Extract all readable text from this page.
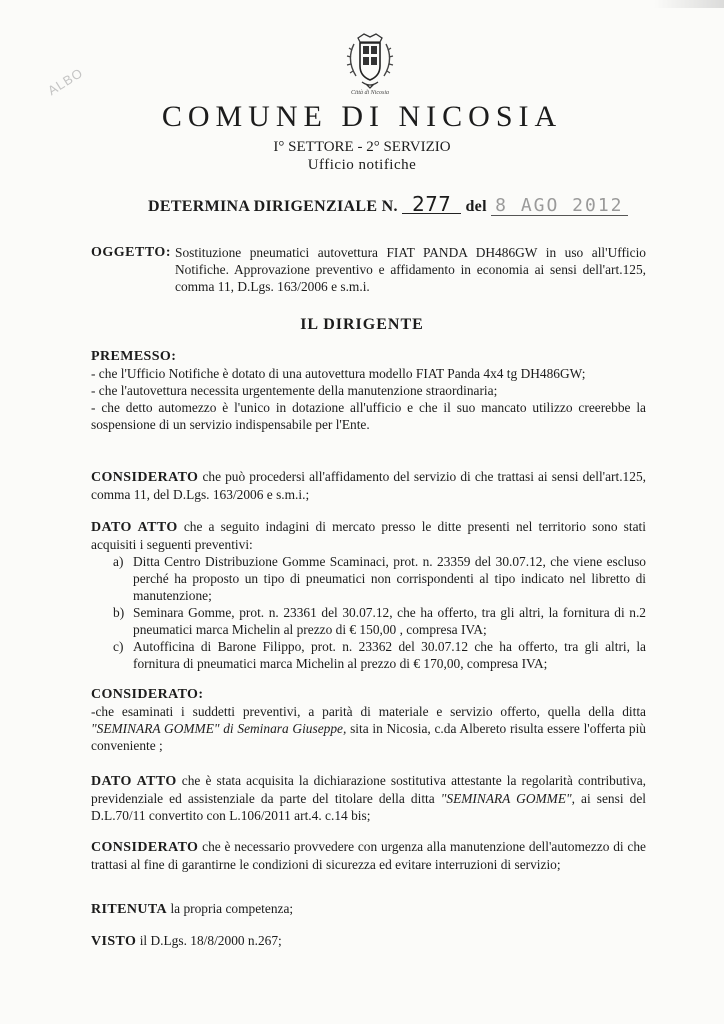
ALBO	Città di Nicosia
COMUNE DI NICOSIA
I° SETTORE - 2° SERVIZIO
Ufficio notifiche
DETERMINA DIRIGENZIALE N. 277 del 8 AGO 2012
OGGETTO: Sostituzione pneumatici autovettura FIAT PANDA DH486GW in uso all'Ufficio Notifiche. Approvazione preventivo e affidamento in economia ai sensi dell'art.125, comma 11, D.Lgs. 163/2006 e s.m.i.
IL DIRIGENTE
PREMESSO:
- che l'Ufficio Notifiche è dotato di una autovettura modello FIAT Panda 4x4 tg DH486GW;
- che l'autovettura necessita urgentemente della manutenzione straordinaria;
- che detto automezzo è l'unico in dotazione all'ufficio e che il suo mancato utilizzo creerebbe la sospensione di un servizio indispensabile per l'Ente.
CONSIDERATO che può procedersi all'affidamento del servizio di che trattasi ai sensi dell'art.125, comma 11, del D.Lgs. 163/2006 e s.m.i.;
DATO ATTO che a seguito indagini di mercato presso le ditte presenti nel territorio sono stati acquisiti i seguenti preventivi:
a) Ditta Centro Distribuzione Gomme Scaminaci, prot. n. 23359 del 30.07.12, che viene escluso perché ha proposto un tipo di pneumatici non corrispondenti al tipo indicato nel libretto di manutenzione;
b) Seminara Gomme, prot. n. 23361 del 30.07.12, che ha offerto, tra gli altri, la fornitura di n.2 pneumatici marca Michelin al prezzo di € 150,00 , compresa IVA;
c) Autofficina di Barone Filippo, prot. n. 23362 del 30.07.12 che ha offerto, tra gli altri, la fornitura di pneumatici marca Michelin al prezzo di € 170,00, compresa IVA;
CONSIDERATO:
-che esaminati i suddetti preventivi, a parità di materiale e servizio offerto, quella della ditta "SEMINARA GOMME" di Seminara Giuseppe, sita in Nicosia, c.da Albereto risulta essere l'offerta più conveniente ;
DATO ATTO che è stata acquisita la dichiarazione sostitutiva attestante la regolarità contributiva, previdenziale ed assistenziale da parte del titolare della ditta "SEMINARA GOMME", ai sensi del D.L.70/11 convertito con L.106/2011 art.4. c.14 bis;
CONSIDERATO che è necessario provvedere con urgenza alla manutenzione dell'automezzo di che trattasi al fine di garantirne le condizioni di sicurezza ed evitare interruzioni di servizio;
RITENUTA la propria competenza;
VISTO il D.Lgs. 18/8/2000 n.267;
